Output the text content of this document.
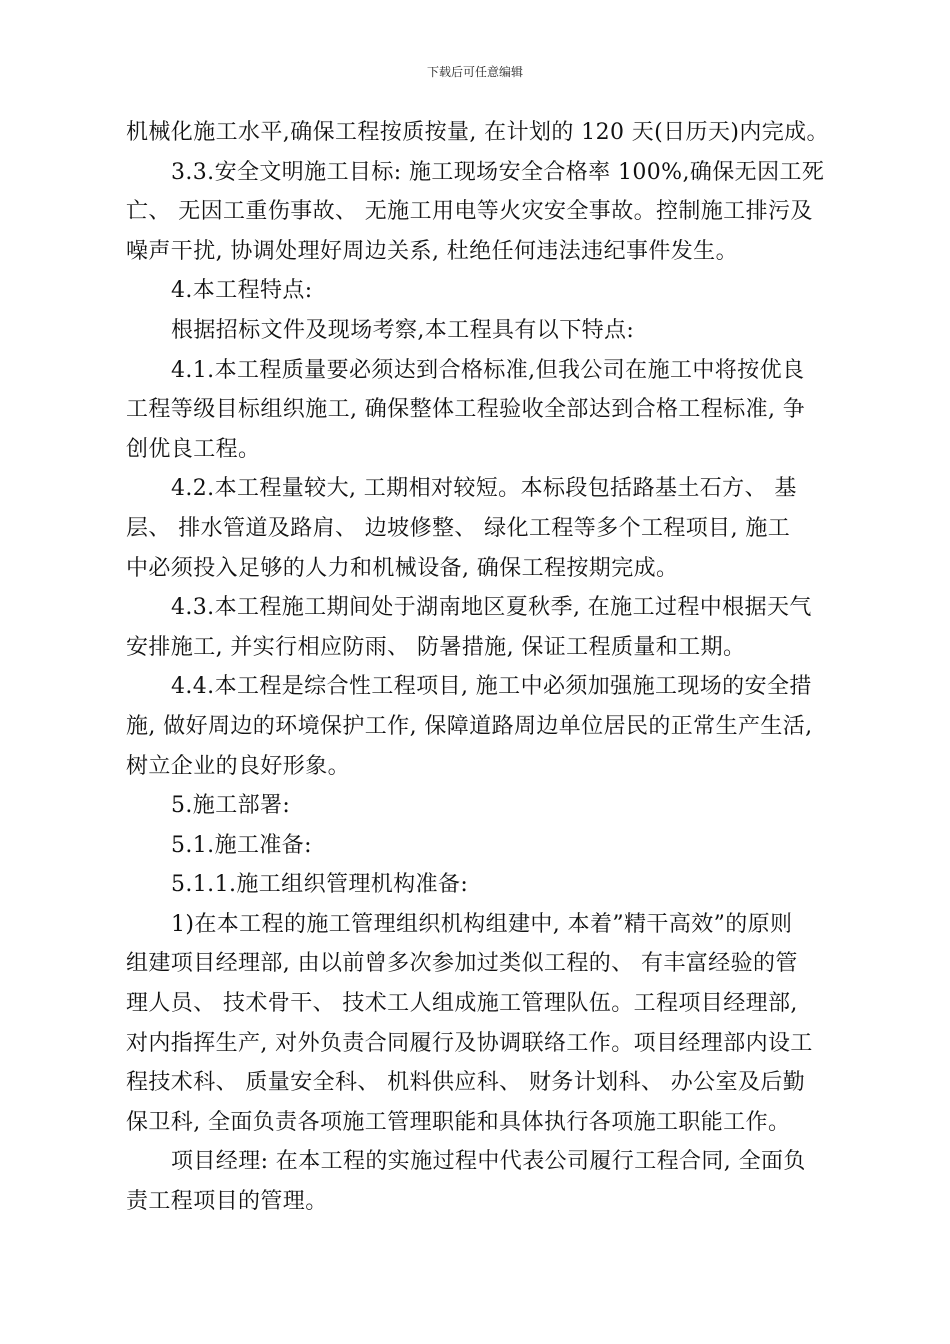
下载后可任意编辑
机械化施工水平,确保工程按质按量, 在计划的 120 天(日历天)内完成。
3.3.安全文明施工目标: 施工现场安全合格率 100%,确保无因工死
亡、 无因工重伤事故、 无施工用电等火灾安全事故。控制施工排污及
噪声干扰, 协调处理好周边关系, 杜绝任何违法违纪事件发生。
4.本工程特点:
根据招标文件及现场考察,本工程具有以下特点:
4.1.本工程质量要必须达到合格标准,但我公司在施工中将按优良
工程等级目标组织施工, 确保整体工程验收全部达到合格工程标准, 争
创优良工程。
4.2.本工程量较大, 工期相对较短。本标段包括路基土石方、 基
层、 排水管道及路肩、 边坡修整、 绿化工程等多个工程项目, 施工
中必须投入足够的人力和机械设备, 确保工程按期完成。
4.3.本工程施工期间处于湖南地区夏秋季, 在施工过程中根据天气
安排施工, 并实行相应防雨、 防暑措施, 保证工程质量和工期。
4.4.本工程是综合性工程项目, 施工中必须加强施工现场的安全措
施, 做好周边的环境保护工作, 保障道路周边单位居民的正常生产生活,
树立企业的良好形象。
5.施工部署:
5.1.施工准备:
5.1.1.施工组织管理机构准备:
1)在本工程的施工管理组织机构组建中, 本着”精干高效”的原则
组建项目经理部, 由以前曾多次参加过类似工程的、 有丰富经验的管
理人员、 技术骨干、 技术工人组成施工管理队伍。工程项目经理部,
对内指挥生产, 对外负责合同履行及协调联络工作。项目经理部内设工
程技术科、 质量安全科、 机料供应科、 财务计划科、 办公室及后勤
保卫科, 全面负责各项施工管理职能和具体执行各项施工职能工作。
项目经理: 在本工程的实施过程中代表公司履行工程合同, 全面负
责工程项目的管理。
